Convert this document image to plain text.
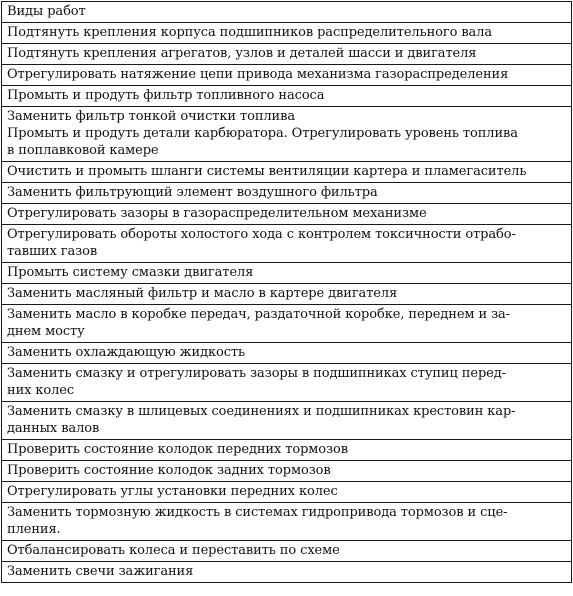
Виды работ

Подтянуть крепления корпуса подшипников распределительного вала

Подтянуть крепления агрегатов, узлов и деталей шасси и двигателя

Отрегулировать натяжение цепи привода механизма газораспределения

Промыть и продуть фильтр топливного насоса

Заменить фильтр тонкой очистки топлива
Промыть и продуть детали карбюратора. Отрегулировать уровень топлива
в поплавковой камере

Очистить и промыть шланги системы вентиляции картера и пламегаситель

Заменить фильтрующий элемент воздушного фильтра

Отрегулировать зазоры в газораспределительном механизме

Отрегулировать обороты холостого хода с контролем токсичности отрабо-
тавших газов

Промыть систему смазки двигателя

Заменить масляный фильтр и масло в картере двигателя

Заменить масло в коробке передач, раздаточной коробке, переднем и за-
днем мосту

Заменить охлаждающую жидкость

Заменить смазку и отрегулировать зазоры в подшипниках ступиц перед-
них колес

Заменить смазку в шлицевых соединениях и подшипниках крестовин кар-
данных валов

Проверить состояние колодок передних тормозов

Проверить состояние колодок задних тормозов

Отрегулировать углы установки передних колес

Заменить тормозную жидкость в системах гидропривода тормозов и сце-
пления.

Отбалансировать колеса и переставить по схеме

Заменить свечи зажигания
